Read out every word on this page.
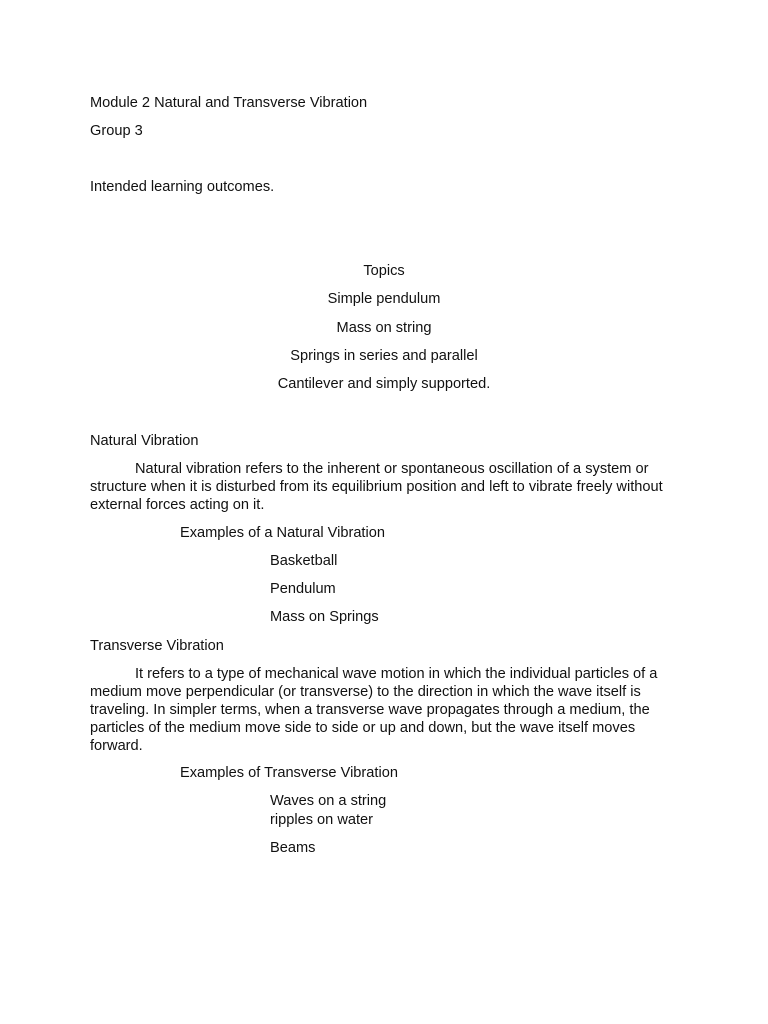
Module 2 Natural and Transverse Vibration
Group 3
Intended learning outcomes.
Topics
Simple pendulum
Mass on string
Springs in series and parallel
Cantilever and simply supported.
Natural Vibration
Natural vibration refers to the inherent or spontaneous oscillation of a system or structure when it is disturbed from its equilibrium position and left to vibrate freely without external forces acting on it.
Examples of a Natural Vibration
Basketball
Pendulum
Mass on Springs
Transverse Vibration
It refers to a type of mechanical wave motion in which the individual particles of a medium move perpendicular (or transverse) to the direction in which the wave itself is traveling. In simpler terms, when a transverse wave propagates through a medium, the particles of the medium move side to side or up and down, but the wave itself moves forward.
Examples of Transverse Vibration
Waves on a string
ripples on water
Beams
